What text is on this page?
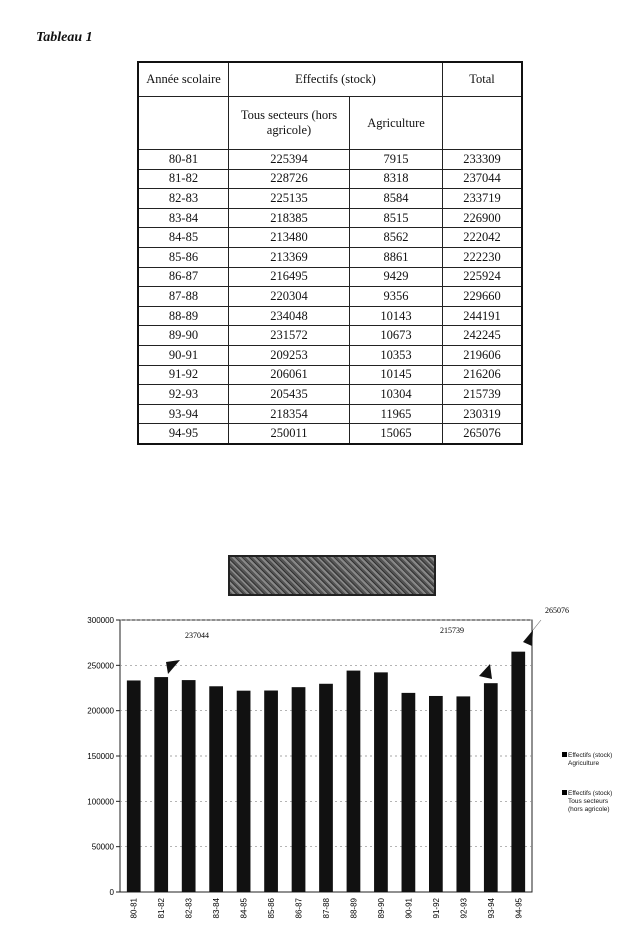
Tableau 1
Année scolaire	Effectifs (stock)		Total
	Tous secteurs (hors agricole)	Agriculture	
80-81	225394	7915	233309
81-82	228726	8318	237044
82-83	225135	8584	233719
83-84	218385	8515	226900
84-85	213480	8562	222042
85-86	213369	8861	222230
86-87	216495	9429	225924
87-88	220304	9356	229660
88-89	234048	10143	244191
89-90	231572	10673	242245
90-91	209253	10353	219606
91-92	206061	10145	216206
92-93	205435	10304	215739
93-94	218354	11965	230319
94-95	250011	15065	265076
0
50000
100000
150000
200000
250000
300000
80-81 81-82 82-83 83-84 84-85 85-86 86-87 87-88 88-89 89-90 90-91 91-92 92-93 93-94 94-95
237044
215739
265076
Effectifs (stock)
Agriculture
Effectifs (stock)
Tous secteurs
(hors agricole)
